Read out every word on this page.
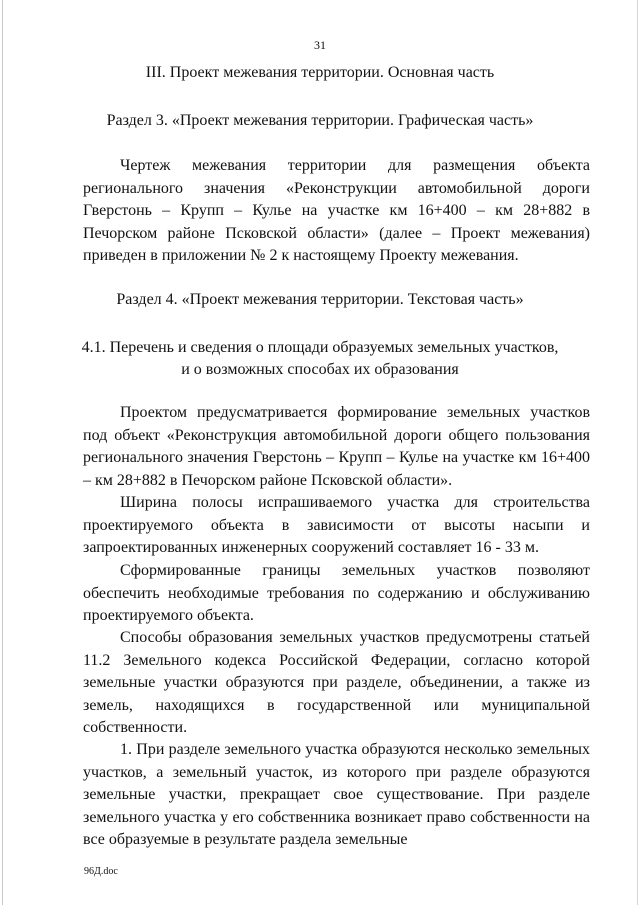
31
III. Проект межевания территории. Основная часть
Раздел 3. «Проект межевания территории. Графическая часть»
Чертеж межевания территории для размещения объекта регионального значения «Реконструкции автомобильной дороги Гверстонь – Крупп – Кулье на участке км 16+400 – км 28+882 в Печорском районе Псковской области» (далее – Проект межевания) приведен в приложении № 2 к настоящему Проекту межевания.
Раздел 4. «Проект межевания территории. Текстовая часть»
4.1. Перечень и сведения о площади образуемых земельных участков,
и о возможных способах их образования
Проектом предусматривается формирование земельных участков под объект «Реконструкция автомобильной дороги общего пользования регионального значения Гверстонь – Крупп – Кулье на участке км 16+400 – км 28+882 в Печорском районе Псковской области».
Ширина полосы испрашиваемого участка для строительства проектируемого объекта в зависимости от высоты насыпи и запроектированных инженерных сооружений составляет 16 - 33 м.
Сформированные границы земельных участков позволяют обеспечить необходимые требования по содержанию и обслуживанию проектируемого объекта.
Способы образования земельных участков предусмотрены статьей 11.2 Земельного кодекса Российской Федерации, согласно которой земельные участки образуются при разделе, объединении, а также из земель, находящихся в государственной или муниципальной собственности.
1. При разделе земельного участка образуются несколько земельных участков, а земельный участок, из которого при разделе образуются земельные участки, прекращает свое существование. При разделе земельного участка у его собственника возникает право собственности на все образуемые в результате раздела земельные
96Д.doc
